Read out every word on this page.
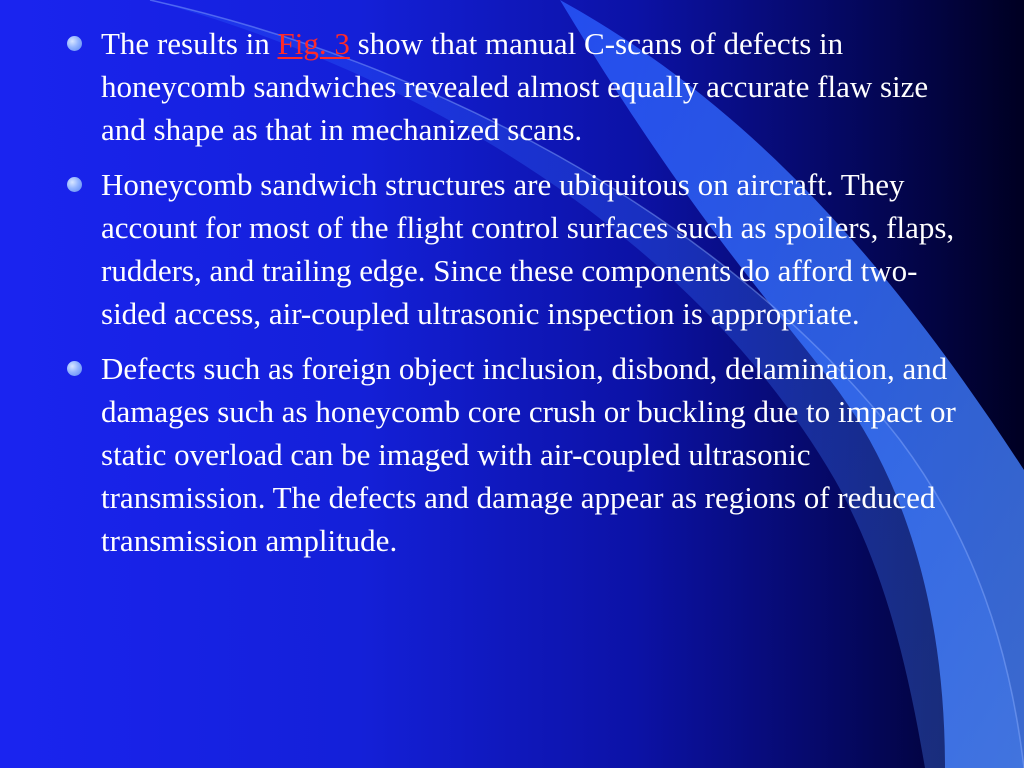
The results in Fig. 3 show that manual C-scans of defects in honeycomb sandwiches revealed almost equally accurate flaw size and shape as that in mechanized scans.
Honeycomb sandwich structures are ubiquitous on aircraft. They account for most of the flight control surfaces such as spoilers, flaps, rudders, and trailing edge. Since these components do afford two-sided access, air-coupled ultrasonic inspection is appropriate.
Defects such as foreign object inclusion, disbond, delamination, and damages such as honeycomb core crush or buckling due to impact or static overload can be imaged with air-coupled ultrasonic transmission. The defects and damage appear as regions of reduced transmission amplitude.
